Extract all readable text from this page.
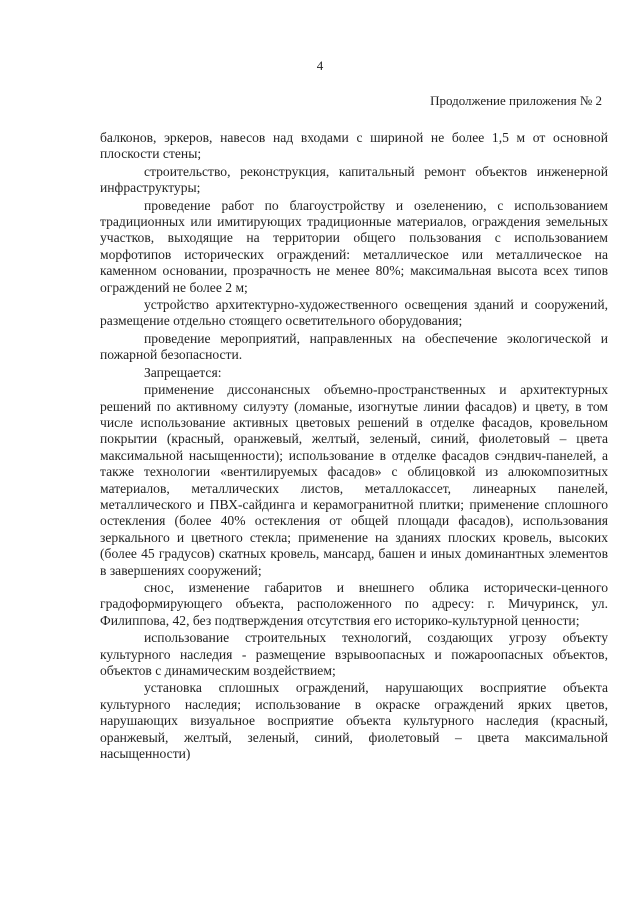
4
Продолжение приложения № 2

балконов, эркеров, навесов над входами с шириной не более 1,5 м от основной плоскости стены;

строительство, реконструкция, капитальный ремонт объектов инженерной инфраструктуры;

проведение работ по благоустройству и озеленению, с использованием традиционных или имитирующих традиционные материалов, ограждения земельных участков, выходящие на территории общего пользования с использованием морфотипов исторических ограждений: металлическое или металлическое на каменном основании, прозрачность не менее 80%; максимальная высота всех типов ограждений не более 2 м;

устройство архитектурно-художественного освещения зданий и сооружений, размещение отдельно стоящего осветительного оборудования;

проведение мероприятий, направленных на обеспечение экологической и пожарной безопасности.

Запрещается:

применение диссонансных объемно-пространственных и архитектурных решений по активному силуэту (ломаные, изогнутые линии фасадов) и цвету, в том числе использование активных цветовых решений в отделке фасадов, кровельном покрытии (красный, оранжевый, желтый, зеленый, синий, фиолетовый – цвета максимальной насыщенности); использование в отделке фасадов сэндвич-панелей, а также технологии «вентилируемых фасадов» с облицовкой из алюкомпозитных материалов, металлических листов, металлокассет, линеарных панелей, металлического и ПВХ-сайдинга и керамогранитной плитки; применение сплошного остекления (более 40% остекления от общей площади фасадов), использования зеркального и цветного стекла; применение на зданиях плоских кровель, высоких (более 45 градусов) скатных кровель, мансард, башен и иных доминантных элементов в завершениях сооружений;

снос, изменение габаритов и внешнего облика исторически-ценного градоформирующего объекта, расположенного по адресу: г. Мичуринск, ул. Филиппова, 42, без подтверждения отсутствия его историко-культурной ценности;

использование строительных технологий, создающих угрозу объекту культурного наследия - размещение взрывоопасных и пожароопасных объектов, объектов с динамическим воздействием;

установка сплошных ограждений, нарушающих восприятие объекта культурного наследия; использование в окраске ограждений ярких цветов, нарушающих визуальное восприятие объекта культурного наследия (красный, оранжевый, желтый, зеленый, синий, фиолетовый – цвета максимальной насыщенности)
